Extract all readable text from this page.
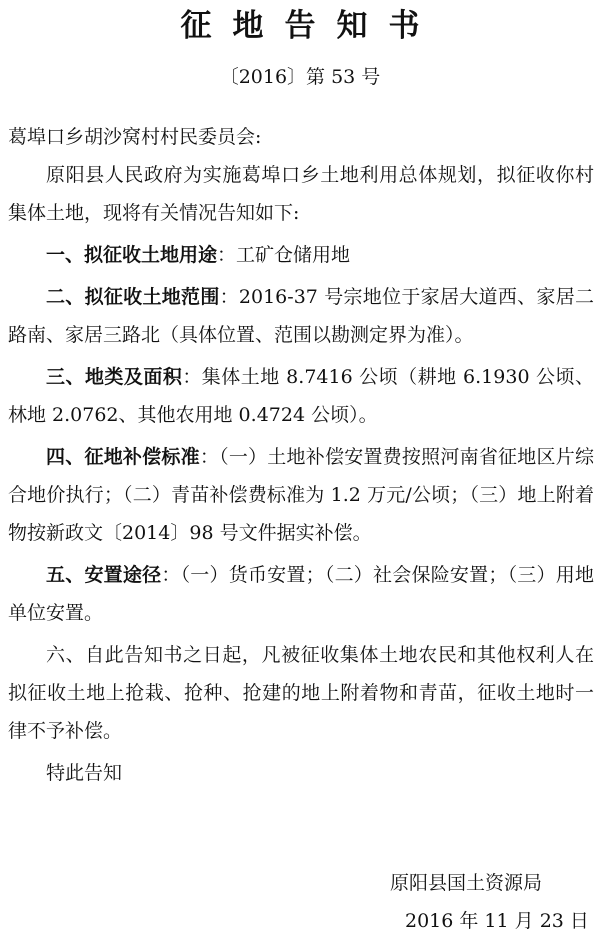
征地告知书
〔2016〕第 53 号

葛埠口乡胡沙窝村村民委员会:

原阳县人民政府为实施葛埠口乡土地利用总体规划，拟征收你村集体土地，现将有关情况告知如下:

一、拟征收土地用途：工矿仓储用地

二、拟征收土地范围：2016-37 号宗地位于家居大道西、家居二路南、家居三路北（具体位置、范围以勘测定界为准）。

三、地类及面积：集体土地 8.7416 公顷（耕地 6.1930 公顷、林地 2.0762、其他农用地 0.4724 公顷）。

四、征地补偿标准：（一）土地补偿安置费按照河南省征地区片综合地价执行；（二）青苗补偿费标准为 1.2 万元/公顷；（三）地上附着物按新政文〔2014〕98 号文件据实补偿。

五、安置途径：（一）货币安置；（二）社会保险安置；（三）用地单位安置。

六、自此告知书之日起，凡被征收集体土地农民和其他权利人在拟征收土地上抢栽、抢种、抢建的地上附着物和青苗，征收土地时一律不予补偿。

特此告知

原阳县国土资源局
2016 年 11 月 23 日
